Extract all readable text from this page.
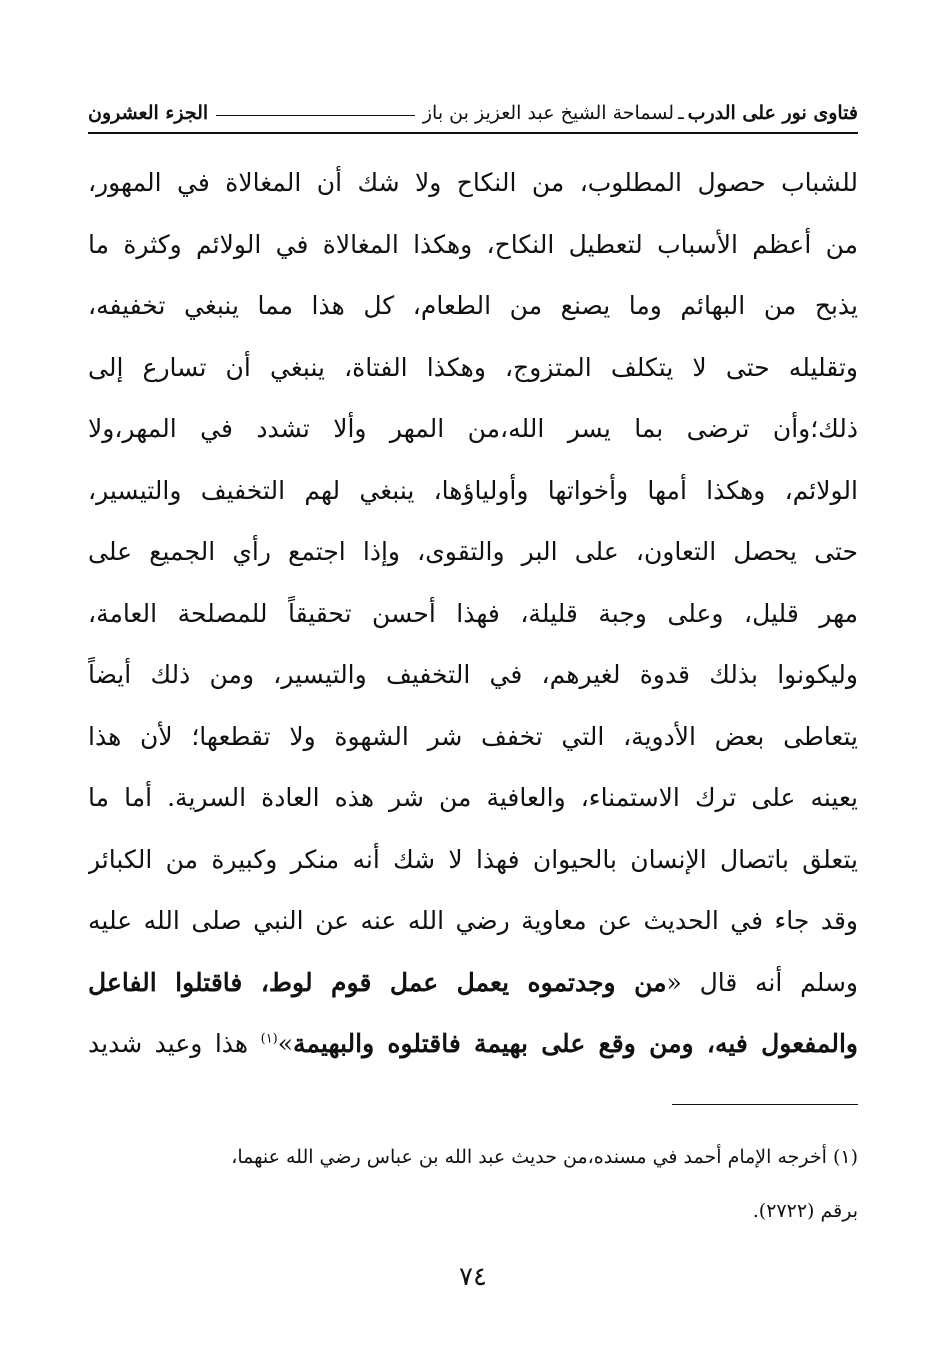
فتاوى نور على الدرب
ـ
لسماحة الشيخ عبد العزيز بن باز
الجزء العشرون
للشباب حصول المطلوب، من النكاح ولا شك أن المغالاة في المهور،
من أعظم الأسباب لتعطيل النكاح، وهكذا المغالاة في الولائم وكثرة ما
يذبح من البهائم وما يصنع من الطعام، كل هذا مما ينبغي تخفيفه،
وتقليله حتى لا يتكلف المتزوج، وهكذا الفتاة، ينبغي أن تسارع إلى
ذلك؛وأن ترضى بما يسر الله،من المهر وألا تشدد في المهر،ولا
الولائم، وهكذا أمها وأخواتها وأولياؤها، ينبغي لهم التخفيف والتيسير،
حتى يحصل التعاون، على البر والتقوى، وإذا اجتمع رأي الجميع على
مهر قليل، وعلى وجبة قليلة، فهذا أحسن تحقيقاً للمصلحة العامة،
وليكونوا بذلك قدوة لغيرهم، في التخفيف والتيسير، ومن ذلك أيضاً
يتعاطى بعض الأدوية، التي تخفف شر الشهوة ولا تقطعها؛ لأن هذا
يعينه على ترك الاستمناء، والعافية من شر هذه العادة السرية. أما ما
يتعلق باتصال الإنسان بالحيوان فهذا لا شك أنه منكر وكبيرة من الكبائر
وقد جاء في الحديث عن معاوية رضي الله عنه عن النبي صلى الله عليه
وسلم أنه قال «من وجدتموه يعمل عمل قوم لوط، فاقتلوا الفاعل
والمفعول فيه، ومن وقع على بهيمة فاقتلوه والبهيمة»$^{(١)}$ هذا وعيد شديد
(١) أخرجه الإمام أحمد في مسنده،من حديث عبد الله بن عباس رضي الله عنهما،
برقم (٢٧٢٢).
٧٤
